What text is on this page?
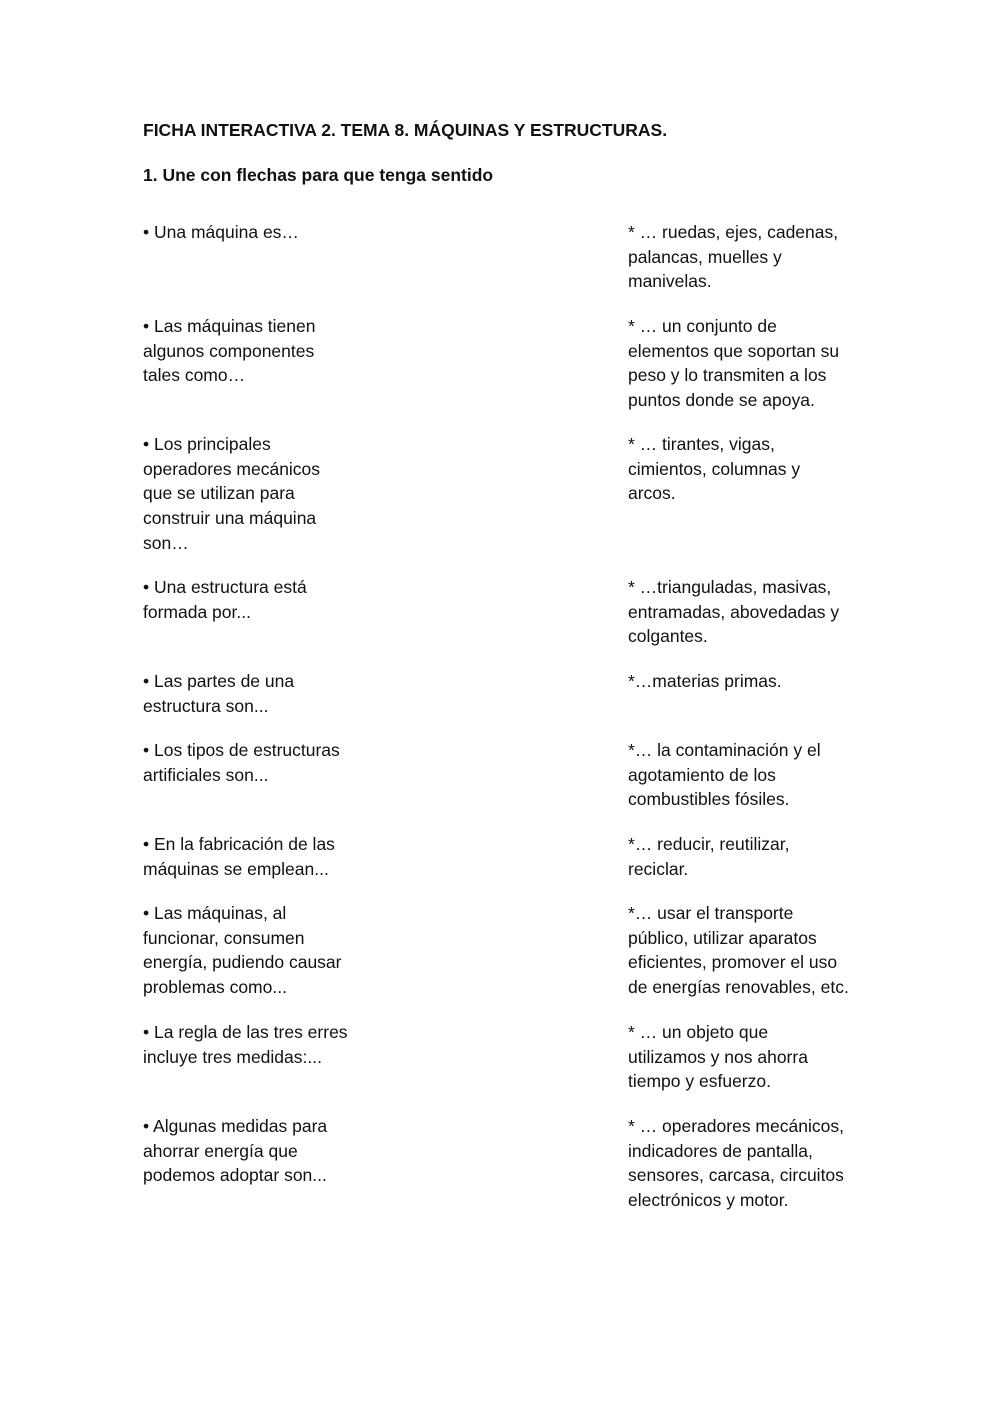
FICHA INTERACTIVA 2. TEMA 8. MÁQUINAS Y ESTRUCTURAS.
1. Une con flechas para que tenga sentido
• Una máquina es…
• Las máquinas tienen
algunos componentes
tales como…
• Los principales
operadores mecánicos
que se utilizan para
construir una máquina
son…
• Una estructura está
formada por...
• Las partes de una
estructura son...
• Los tipos de estructuras
artificiales son...
• En la fabricación de las
máquinas se emplean...
• Las máquinas, al
funcionar, consumen
energía, pudiendo causar
problemas como...
• La regla de las tres erres
incluye tres medidas:...
• Algunas medidas para
ahorrar energía que
podemos adoptar son...
* … ruedas, ejes, cadenas,
palancas, muelles y
manivelas.
* … un conjunto de
elementos que soportan su
peso y lo transmiten a los
puntos donde se apoya.
* … tirantes, vigas,
cimientos, columnas y
arcos.
* …trianguladas, masivas,
entramadas, abovedadas y
colgantes.
*…materias primas.
*… la contaminación y el
agotamiento de los
combustibles fósiles.
*… reducir, reutilizar,
reciclar.
*… usar el transporte
público, utilizar aparatos
eficientes, promover el uso
de energías renovables, etc.
* … un objeto que
utilizamos y nos ahorra
tiempo y esfuerzo.
* … operadores mecánicos,
indicadores de pantalla,
sensores, carcasa, circuitos
electrónicos y motor.
